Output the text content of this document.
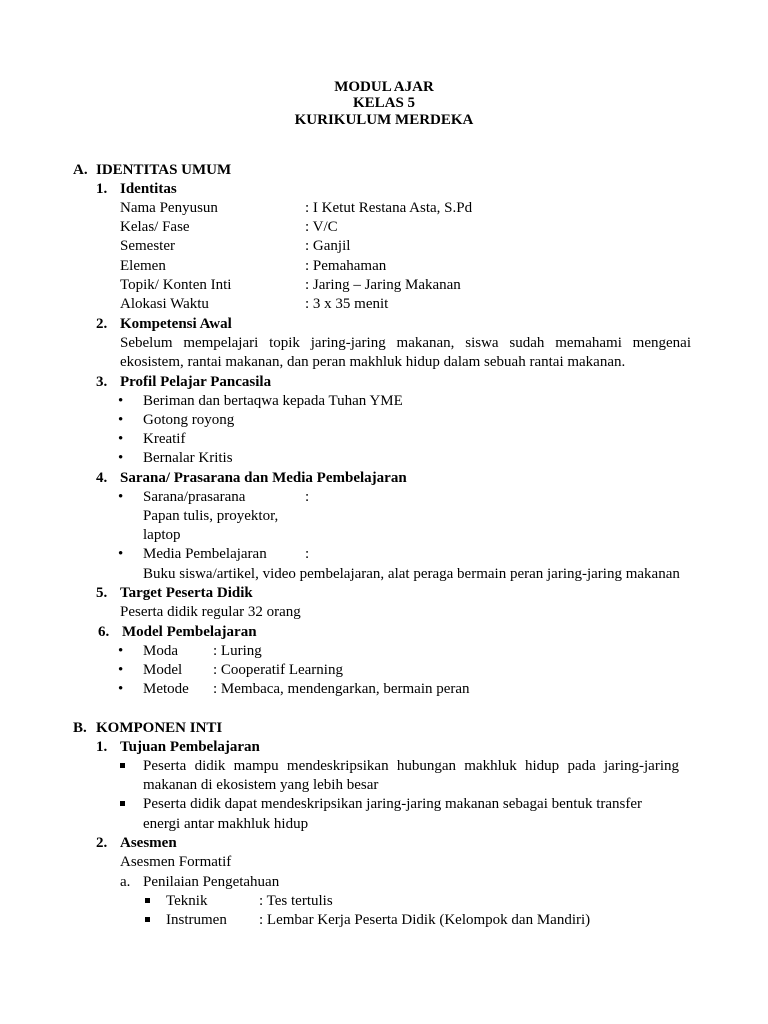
MODUL AJAR
KELAS 5
KURIKULUM MERDEKA
A. IDENTITAS UMUM
1. Identitas
Nama Penyusun	: I Ketut Restana Asta, S.Pd
Kelas/ Fase	: V/C
Semester	: Ganjil
Elemen	: Pemahaman
Topik/ Konten Inti	: Jaring – Jaring Makanan
Alokasi Waktu	: 3 x 35 menit
2. Kompetensi Awal
Sebelum mempelajari topik jaring-jaring makanan, siswa sudah memahami mengenai
ekosistem, rantai makanan, dan peran makhluk hidup dalam sebuah rantai makanan.
3. Profil Pelajar Pancasila
• Beriman dan bertaqwa kepada Tuhan YME
• Gotong royong
• Kreatif
• Bernalar Kritis
4. Sarana/ Prasarana dan Media Pembelajaran
• Sarana/prasarana	:
Papan tulis, proyektor,
laptop
• Media Pembelajaran	:
Buku siswa/artikel, video pembelajaran, alat peraga bermain peran jaring-jaring makanan
5. Target Peserta Didik
Peserta didik regular 32 orang
6. Model Pembelajaran
• Moda : Luring
• Model : Cooperatif Learning
• Metode : Membaca, mendengarkan, bermain peran
B. KOMPONEN INTI
1. Tujuan Pembelajaran
Peserta didik mampu mendeskripsikan hubungan makhluk hidup pada jaring-jaring
makanan di ekosistem yang lebih besar
Peserta didik dapat mendeskripsikan jaring-jaring makanan sebagai bentuk transfer
energi antar makhluk hidup
2. Asesmen
Asesmen Formatif
a. Penilaian Pengetahuan
Teknik	: Tes tertulis
Instrumen : Lembar Kerja Peserta Didik (Kelompok dan Mandiri)
